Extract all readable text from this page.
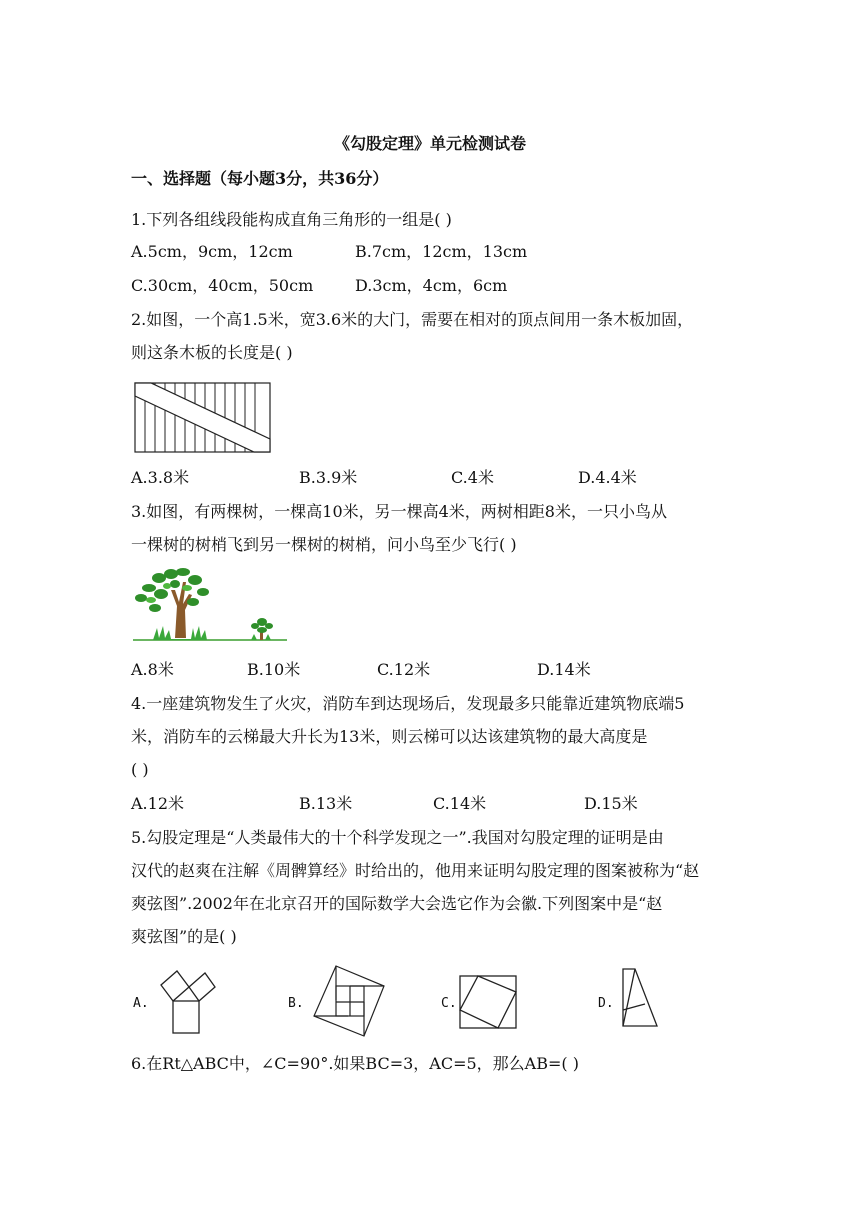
《勾股定理》单元检测试卷
一、选择题（每小题3分，共36分）
1.下列各组线段能构成直角三角形的一组是( )
A.5cm，9cm，12cm	B.7cm，12cm，13cm
C.30cm，40cm，50cm	D.3cm，4cm，6cm
2.如图，一个高1.5米，宽3.6米的大门，需要在相对的顶点间用一条木板加固，
则这条木板的长度是( )
A.3.8米	B.3.9米	C.4米	D.4.4米
3.如图，有两棵树，一棵高10米，另一棵高4米，两树相距8米，一只小鸟从
一棵树的树梢飞到另一棵树的树梢，问小鸟至少飞行( )
A.8米	B.10米	C.12米	D.14米
4.一座建筑物发生了火灾，消防车到达现场后，发现最多只能靠近建筑物底端5
米，消防车的云梯最大升长为13米，则云梯可以达该建筑物的最大高度是
( )
A.12米	B.13米	C.14米	D.15米
5.勾股定理是“人类最伟大的十个科学发现之一”.我国对勾股定理的证明是由
汉代的赵爽在注解《周髀算经》时给出的，他用来证明勾股定理的图案被称为“赵
爽弦图”.2002年在北京召开的国际数学大会选它作为会徽.下列图案中是“赵
爽弦图”的是( )
A.	B.	C.	D.
6.在Rt△ABC中，∠C=90°.如果BC=3，AC=5，那么AB=( )
